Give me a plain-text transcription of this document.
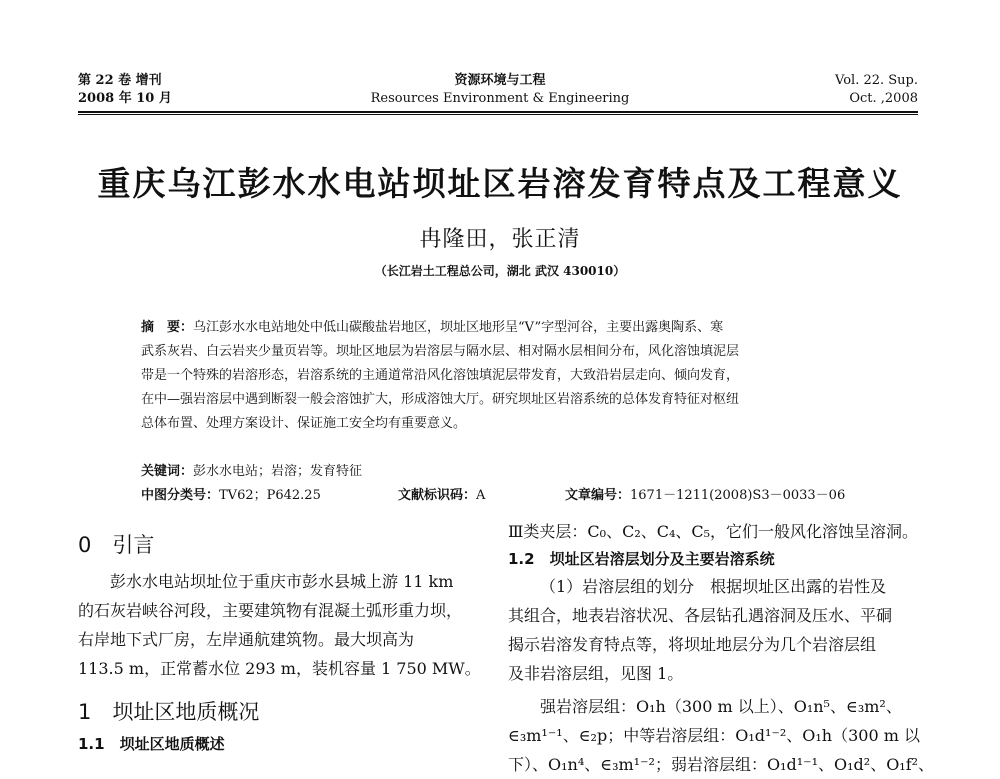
第 22 卷 增刊
2008 年 10 月
资源环境与工程
Resources Environment & Engineering
Vol. 22. Sup.
Oct. ,2008
重庆乌江彭水水电站坝址区岩溶发育特点及工程意义
冉隆田，张正清
（长江岩土工程总公司，湖北 武汉 430010）
摘　要：乌江彭水水电站地处中低山碳酸盐岩地区，坝址区地形呈“V”字型河谷，主要出露奥陶系、寒
武系灰岩、白云岩夹少量页岩等。坝址区地层为岩溶层与隔水层、相对隔水层相间分布，风化溶蚀填泥层
带是一个特殊的岩溶形态，岩溶系统的主通道常沿风化溶蚀填泥层带发育，大致沿岩层走向、倾向发育，
在中—强岩溶层中遇到断裂一般会溶蚀扩大，形成溶蚀大厅。研究坝址区岩溶系统的总体发育特征对枢纽
总体布置、处理方案设计、保证施工安全均有重要意义。
关键词：彭水水电站；岩溶；发育特征
中图分类号：TV62；P642.25	文献标识码：A	文章编号：1671－1211(2008)S3－0033－06
0　引言
彭水水电站坝址位于重庆市彭水县城上游 11 km
的石灰岩峡谷河段，主要建筑物有混凝土弧形重力坝，
右岸地下式厂房，左岸通航建筑物。最大坝高为
113.5 m，正常蓄水位 293 m，装机容量 1 750 MW。
1　坝址区地质概况
1.1　坝址区地质概述
Ⅲ类夹层：C₀、C₂、C₄、C₅，它们一般风化溶蚀呈溶洞。
1.2　坝址区岩溶层划分及主要岩溶系统
（1）岩溶层组的划分　根据坝址区出露的岩性及
其组合，地表岩溶状况、各层钻孔遇溶洞及压水、平硐
揭示岩溶发育特点等，将坝址地层分为几个岩溶层组
及非岩溶层组，见图 1。
强岩溶层组：O₁h（300 m 以上）、O₁n⁵、∈₃m²、
∈₃m¹⁻¹、∈₂p；中等岩溶层组：O₁d¹⁻²、O₁h（300 m 以
下）、O₁n⁴、∈₃m¹⁻²；弱岩溶层组：O₁d¹⁻¹、O₁d²、O₁f²、
